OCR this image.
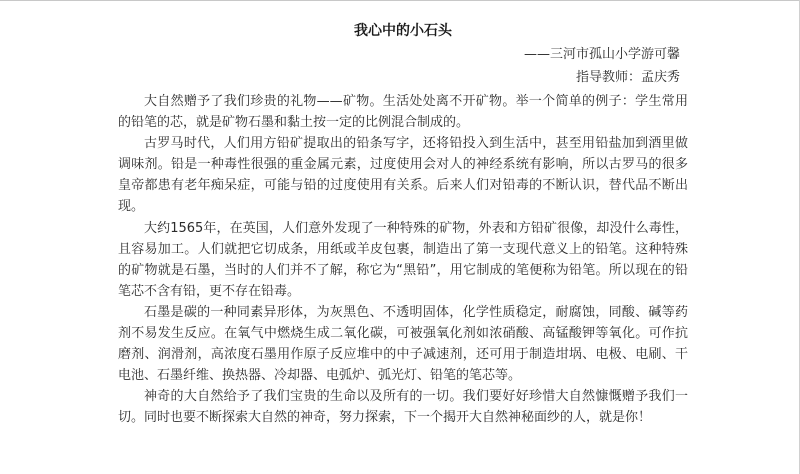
我心中的小石头
——三河市孤山小学游可馨
指导教师：孟庆秀

大自然赠予了我们珍贵的礼物——矿物。生活处处离不开矿物。举一个简单的例子：学生常用的铅笔的芯，就是矿物石墨和黏土按一定的比例混合制成的。

古罗马时代，人们用方铅矿提取出的铅条写字，还将铅投入到生活中，甚至用铅盐加到酒里做调味剂。铅是一种毒性很强的重金属元素，过度使用会对人的神经系统有影响，所以古罗马的很多皇帝都患有老年痴呆症，可能与铅的过度使用有关系。后来人们对铅毒的不断认识，替代品不断出现。

大约1565年，在英国，人们意外发现了一种特殊的矿物，外表和方铅矿很像，却没什么毒性，且容易加工。人们就把它切成条，用纸或羊皮包裹，制造出了第一支现代意义上的铅笔。这种特殊的矿物就是石墨，当时的人们并不了解，称它为“黑铅”，用它制成的笔便称为铅笔。所以现在的铅笔芯不含有铅，更不存在铅毒。

石墨是碳的一种同素异形体，为灰黑色、不透明固体，化学性质稳定，耐腐蚀，同酸、碱等药剂不易发生反应。在氧气中燃烧生成二氧化碳，可被强氧化剂如浓硝酸、高锰酸钾等氧化。可作抗磨剂、润滑剂，高浓度石墨用作原子反应堆中的中子减速剂，还可用于制造坩埚、电极、电刷、干电池、石墨纤维、换热器、冷却器、电弧炉、弧光灯、铅笔的笔芯等。

神奇的大自然给予了我们宝贵的生命以及所有的一切。我们要好好珍惜大自然慷慨赠予我们一切。同时也要不断探索大自然的神奇，努力探索，下一个揭开大自然神秘面纱的人，就是你！
